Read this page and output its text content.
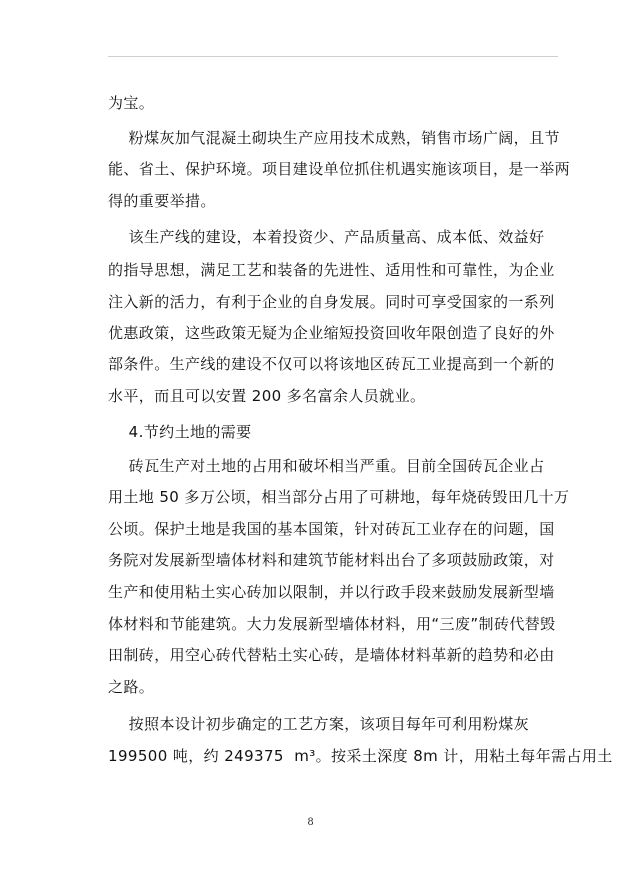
为宝。
粉煤灰加气混凝土砌块生产应用技术成熟，销售市场广阔，且节
能、省土、保护环境。项目建设单位抓住机遇实施该项目，是一举两
得的重要举措。
该生产线的建设，本着投资少、产品质量高、成本低、效益好
的指导思想，满足工艺和装备的先进性、适用性和可靠性，为企业
注入新的活力，有利于企业的自身发展。同时可享受国家的一系列
优惠政策，这些政策无疑为企业缩短投资回收年限创造了良好的外
部条件。生产线的建设不仅可以将该地区砖瓦工业提高到一个新的
水平，而且可以安置 200 多名富余人员就业。
4.节约土地的需要
砖瓦生产对土地的占用和破坏相当严重。目前全国砖瓦企业占
用土地 50 多万公顷，相当部分占用了可耕地，每年烧砖毁田几十万
公顷。保护土地是我国的基本国策，针对砖瓦工业存在的问题，国
务院对发展新型墙体材料和建筑节能材料出台了多项鼓励政策，对
生产和使用粘土实心砖加以限制，并以行政手段来鼓励发展新型墙
体材料和节能建筑。大力发展新型墙体材料，用“三废”制砖代替毁
田制砖，用空心砖代替粘土实心砖，是墙体材料革新的趋势和必由
之路。
按照本设计初步确定的工艺方案，该项目每年可利用粉煤灰
199500 吨，约 249375  m³。按采土深度 8m 计，用粘土每年需占用土
8
